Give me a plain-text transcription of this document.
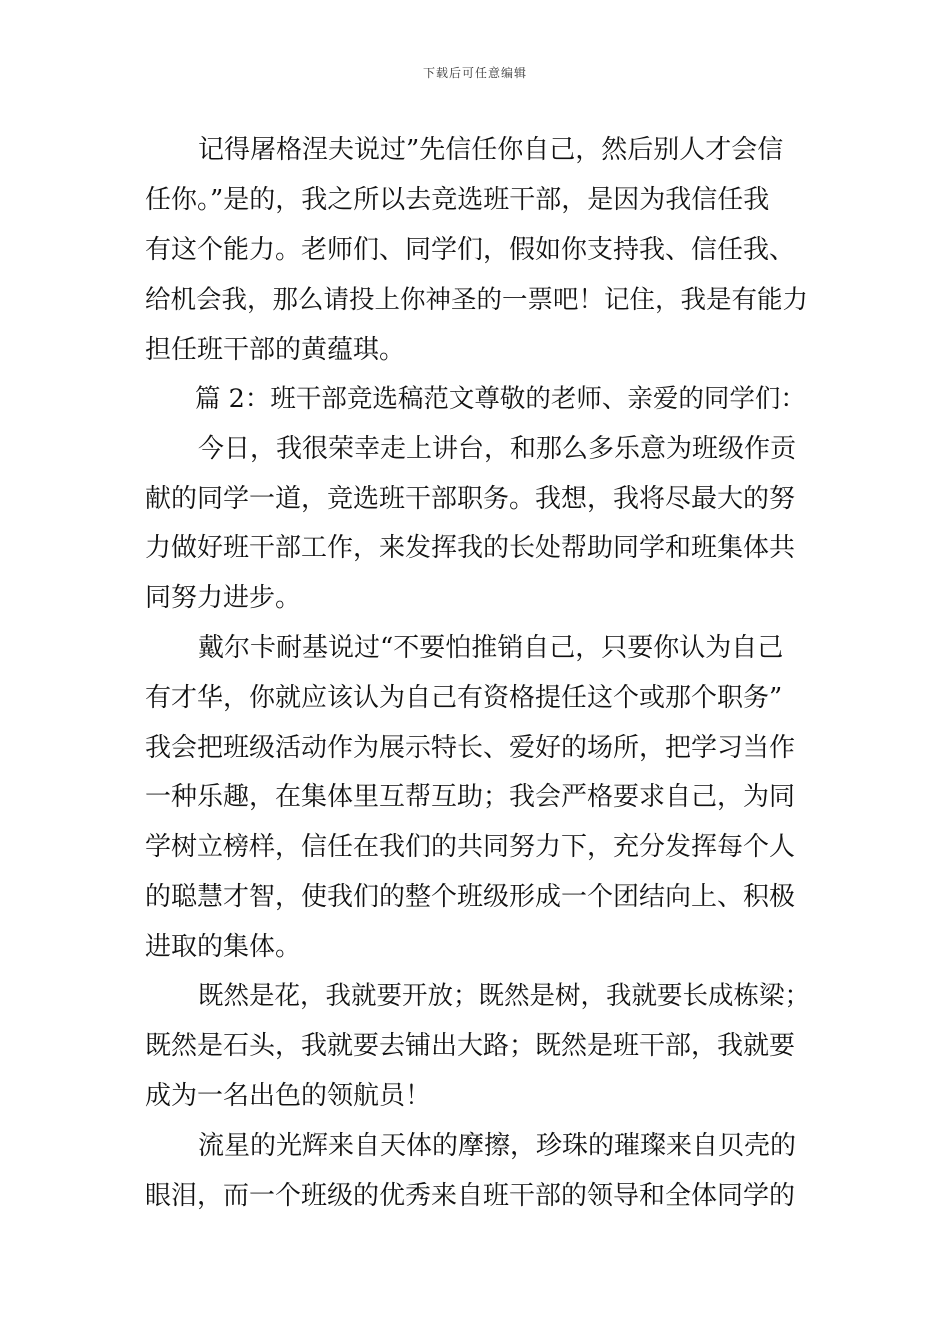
下载后可任意编辑
记得屠格涅夫说过”先信任你自己，然后别人才会信
任你。”是的，我之所以去竞选班干部，是因为我信任我
有这个能力。老师们、同学们，假如你支持我、信任我、
给机会我，那么请投上你神圣的一票吧！记住，我是有能力
担任班干部的黄蕴琪。
篇 2：班干部竞选稿范文尊敬的老师、亲爱的同学们：
今日，我很荣幸走上讲台，和那么多乐意为班级作贡
献的同学一道，竞选班干部职务。我想，我将尽最大的努
力做好班干部工作，来发挥我的长处帮助同学和班集体共
同努力进步。
戴尔卡耐基说过“不要怕推销自己，只要你认为自己
有才华，你就应该认为自己有资格提任这个或那个职务”
我会把班级活动作为展示特长、爱好的场所，把学习当作
一种乐趣，在集体里互帮互助；我会严格要求自己，为同
学树立榜样，信任在我们的共同努力下，充分发挥每个人
的聪慧才智，使我们的整个班级形成一个团结向上、积极
进取的集体。
既然是花，我就要开放；既然是树，我就要长成栋梁；
既然是石头，我就要去铺出大路；既然是班干部，我就要
成为一名出色的领航员！
流星的光辉来自天体的摩擦，珍珠的璀璨来自贝壳的
眼泪，而一个班级的优秀来自班干部的领导和全体同学的
